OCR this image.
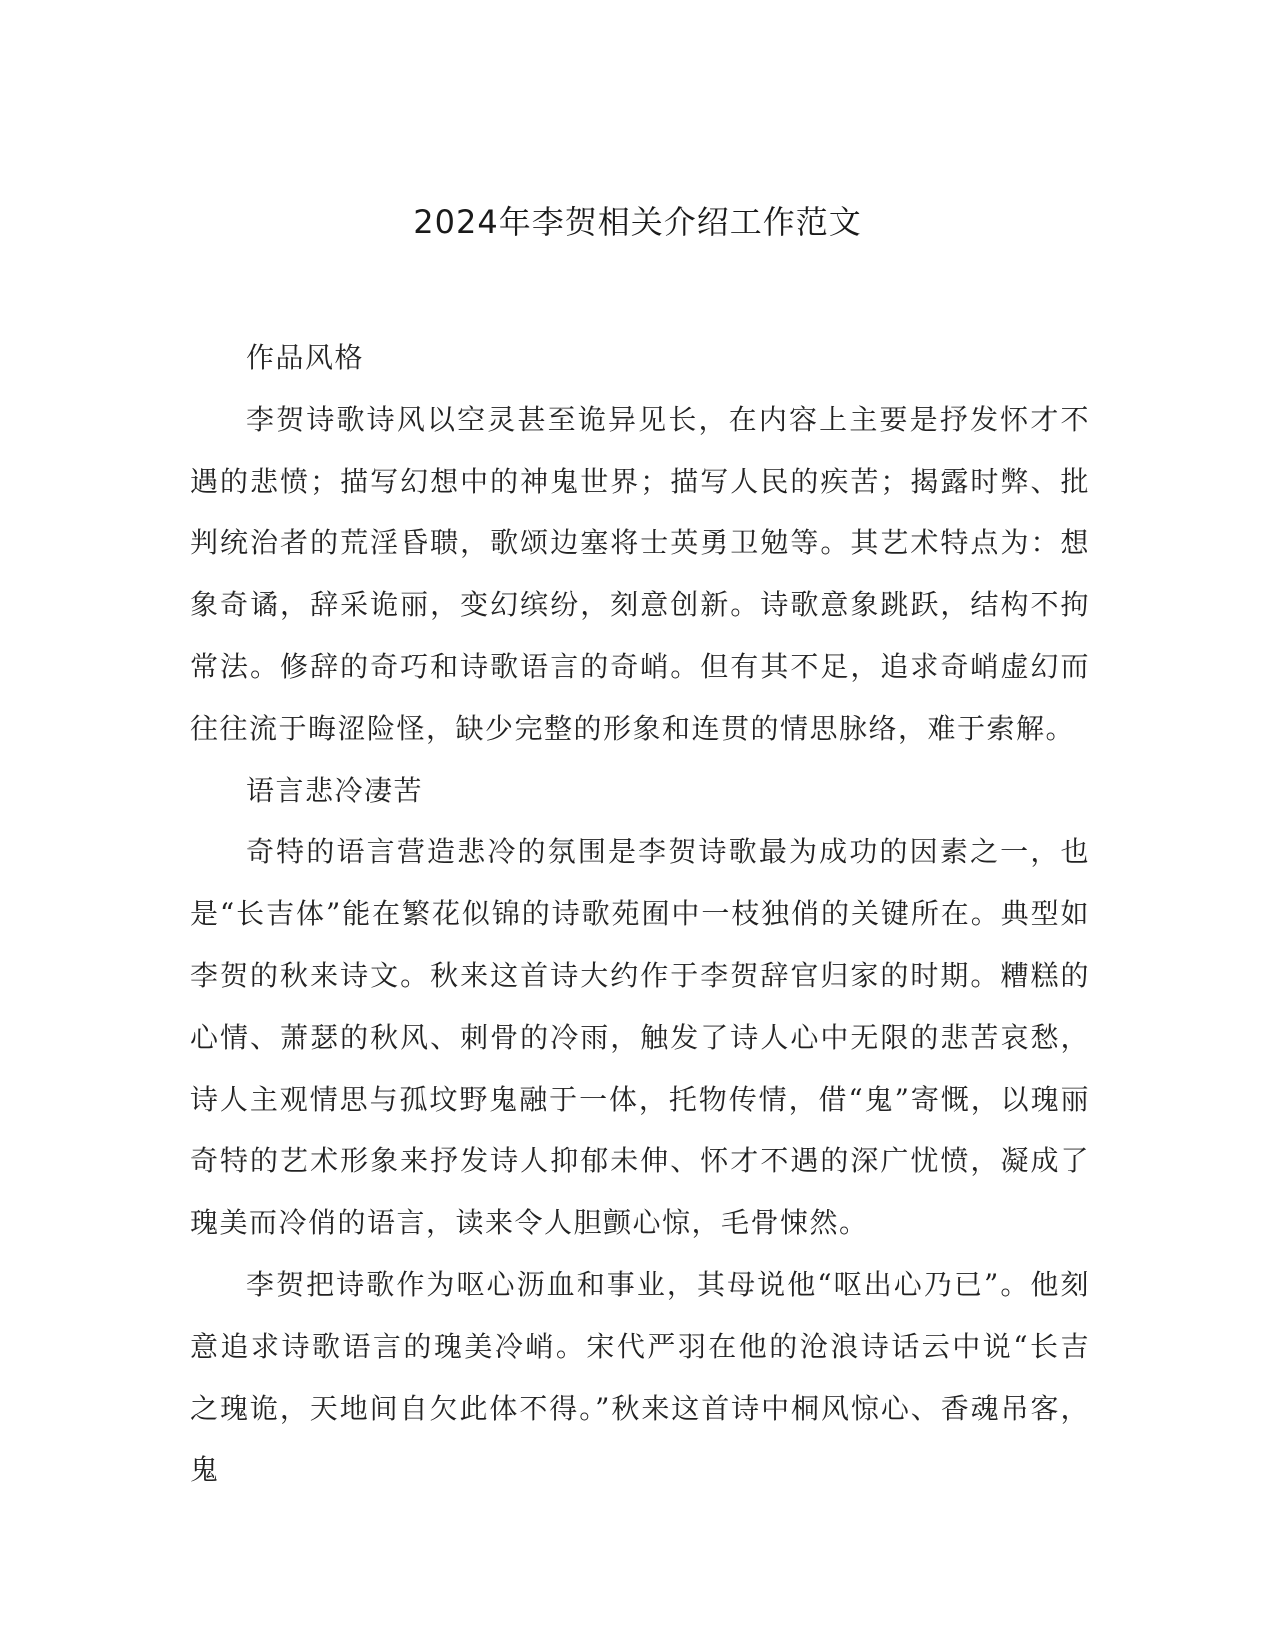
2024年李贺相关介绍工作范文

作品风格

李贺诗歌诗风以空灵甚至诡异见长，在内容上主要是抒发怀才不遇的悲愤；描写幻想中的神鬼世界；描写人民的疾苦；揭露时弊、批判统治者的荒淫昏聩，歌颂边塞将士英勇卫勉等。其艺术特点为：想象奇谲，辞采诡丽，变幻缤纷，刻意创新。诗歌意象跳跃，结构不拘常法。修辞的奇巧和诗歌语言的奇峭。但有其不足，追求奇峭虚幻而往往流于晦涩险怪，缺少完整的形象和连贯的情思脉络，难于索解。

语言悲冷凄苦

奇特的语言营造悲冷的氛围是李贺诗歌最为成功的因素之一，也是“长吉体”能在繁花似锦的诗歌苑囿中一枝独俏的关键所在。典型如李贺的秋来诗文。秋来这首诗大约作于李贺辞官归家的时期。糟糕的心情、萧瑟的秋风、刺骨的冷雨，触发了诗人心中无限的悲苦哀愁，诗人主观情思与孤坟野鬼融于一体，托物传情，借“鬼”寄慨，以瑰丽奇特的艺术形象来抒发诗人抑郁未伸、怀才不遇的深广忧愤，凝成了瑰美而冷俏的语言，读来令人胆颤心惊，毛骨悚然。

李贺把诗歌作为呕心沥血和事业，其母说他“呕出心乃已”。他刻意追求诗歌语言的瑰美冷峭。宋代严羽在他的沧浪诗话云中说“长吉之瑰诡，天地间自欠此体不得。”秋来这首诗中桐风惊心、香魂吊客，鬼
